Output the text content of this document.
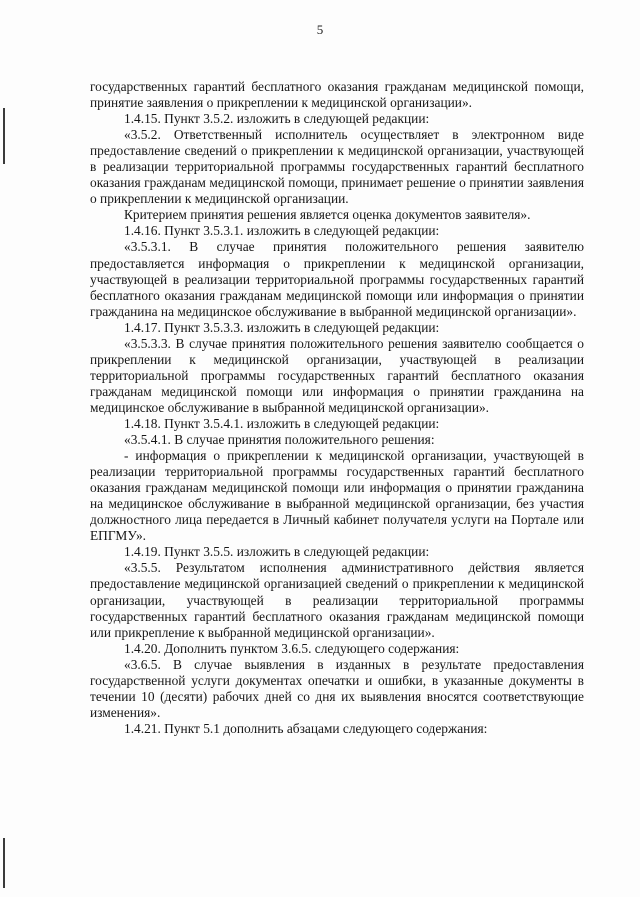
5

государственных гарантий бесплатного оказания гражданам медицинской помощи, принятие заявления о прикреплении к медицинской организации».

1.4.15. Пункт 3.5.2. изложить в следующей редакции:

«3.5.2. Ответственный исполнитель осуществляет в электронном виде предоставление сведений о прикреплении к медицинской организации, участвующей в реализации территориальной программы государственных гарантий бесплатного оказания гражданам медицинской помощи, принимает решение о принятии заявления о прикреплении к медицинской организации.

Критерием принятия решения является оценка документов заявителя».

1.4.16. Пункт 3.5.3.1. изложить в следующей редакции:

«3.5.3.1. В случае принятия положительного решения заявителю предоставляется информация о прикреплении к медицинской организации, участвующей в реализации территориальной программы государственных гарантий бесплатного оказания гражданам медицинской помощи или информация о принятии гражданина на медицинское обслуживание в выбранной медицинской организации».

1.4.17. Пункт 3.5.3.3. изложить в следующей редакции:

«3.5.3.3. В случае принятия положительного решения заявителю сообщается о прикреплении к медицинской организации, участвующей в реализации территориальной программы государственных гарантий бесплатного оказания гражданам медицинской помощи или информация о принятии гражданина на медицинское обслуживание в выбранной медицинской организации».

1.4.18. Пункт 3.5.4.1. изложить в следующей редакции:

«3.5.4.1. В случае принятия положительного решения:

- информация о прикреплении к медицинской организации, участвующей в реализации территориальной программы государственных гарантий бесплатного оказания гражданам медицинской помощи или информация о принятии гражданина на медицинское обслуживание в выбранной медицинской организации, без участия должностного лица передается в Личный кабинет получателя услуги на Портале или ЕПГМУ».

1.4.19. Пункт 3.5.5. изложить в следующей редакции:

«3.5.5. Результатом исполнения административного действия является предоставление медицинской организацией сведений о прикреплении к медицинской организации, участвующей в реализации территориальной программы государственных гарантий бесплатного оказания гражданам медицинской помощи или прикрепление к выбранной медицинской организации».

1.4.20. Дополнить пунктом 3.6.5. следующего содержания:

«3.6.5. В случае выявления в изданных в результате предоставления государственной услуги документах опечатки и ошибки, в указанные документы в течении 10 (десяти) рабочих дней со дня их выявления вносятся соответствующие изменения».

1.4.21. Пункт 5.1 дополнить абзацами следующего содержания:
